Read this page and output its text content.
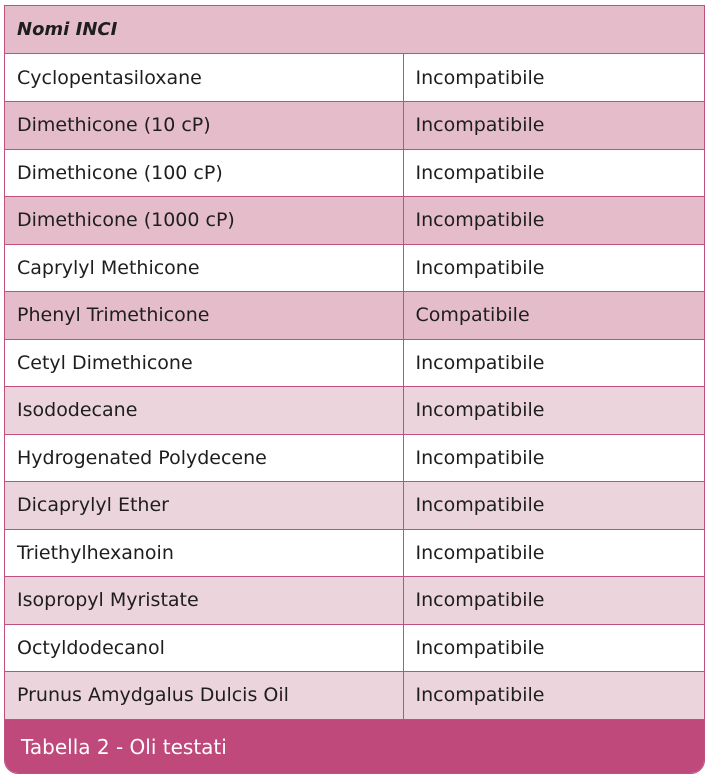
Nomi INCI
Cyclopentasiloxane	Incompatibile
Dimethicone (10 cP)	Incompatibile
Dimethicone (100 cP)	Incompatibile
Dimethicone (1000 cP)	Incompatibile
Caprylyl Methicone	Incompatibile
Phenyl Trimethicone	Compatibile
Cetyl Dimethicone	Incompatibile
Isododecane	Incompatibile
Hydrogenated Polydecene	Incompatibile
Dicaprylyl Ether	Incompatibile
Triethylhexanoin	Incompatibile
Isopropyl Myristate	Incompatibile
Octyldodecanol	Incompatibile
Prunus Amydgalus Dulcis Oil	Incompatibile
Tabella 2 - Oli testati
